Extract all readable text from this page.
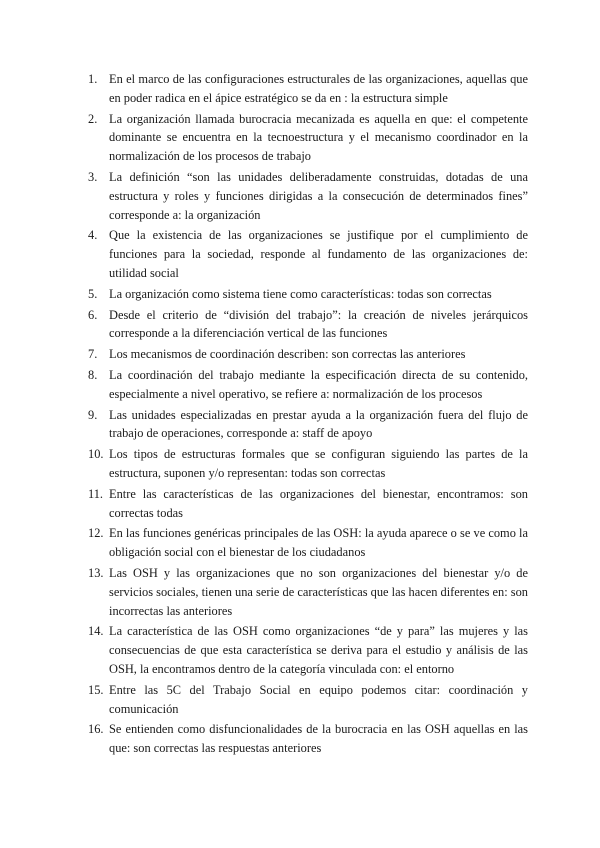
1. En el marco de las configuraciones estructurales de las organizaciones, aquellas que en poder radica en el ápice estratégico se da en : la estructura simple
2. La organización llamada burocracia mecanizada es aquella en que: el competente dominante se encuentra en la tecnoestructura y el mecanismo coordinador en la normalización de los procesos de trabajo
3. La definición “son las unidades deliberadamente construidas, dotadas de una estructura y roles y funciones dirigidas a la consecución de determinados fines” corresponde a: la organización
4. Que la existencia de las organizaciones se justifique por el cumplimiento de funciones para la sociedad, responde al fundamento de las organizaciones de: utilidad social
5. La organización como sistema tiene como características: todas son correctas
6. Desde el criterio de “división del trabajo”: la creación de niveles jerárquicos corresponde a la diferenciación vertical de las funciones
7. Los mecanismos de coordinación describen: son correctas las anteriores
8. La coordinación del trabajo mediante la especificación directa de su contenido, especialmente a nivel operativo, se refiere a: normalización de los procesos
9. Las unidades especializadas en prestar ayuda a la organización fuera del flujo de trabajo de operaciones, corresponde a: staff de apoyo
10. Los tipos de estructuras formales que se configuran siguiendo las partes de la estructura, suponen y/o representan: todas son correctas
11. Entre las características de las organizaciones del bienestar, encontramos: son correctas todas
12. En las funciones genéricas principales de las OSH: la ayuda aparece o se ve como la obligación social con el bienestar de los ciudadanos
13. Las OSH y las organizaciones que no son organizaciones del bienestar y/o de servicios sociales, tienen una serie de características que las hacen diferentes en: son incorrectas las anteriores
14. La característica de las OSH como organizaciones “de y para” las mujeres y las consecuencias de que esta característica se deriva para el estudio y análisis de las OSH, la encontramos dentro de la categoría vinculada con: el entorno
15. Entre las 5C del Trabajo Social en equipo podemos citar: coordinación y comunicación
16. Se entienden como disfuncionalidades de la burocracia en las OSH aquellas en las que: son correctas las respuestas anteriores
